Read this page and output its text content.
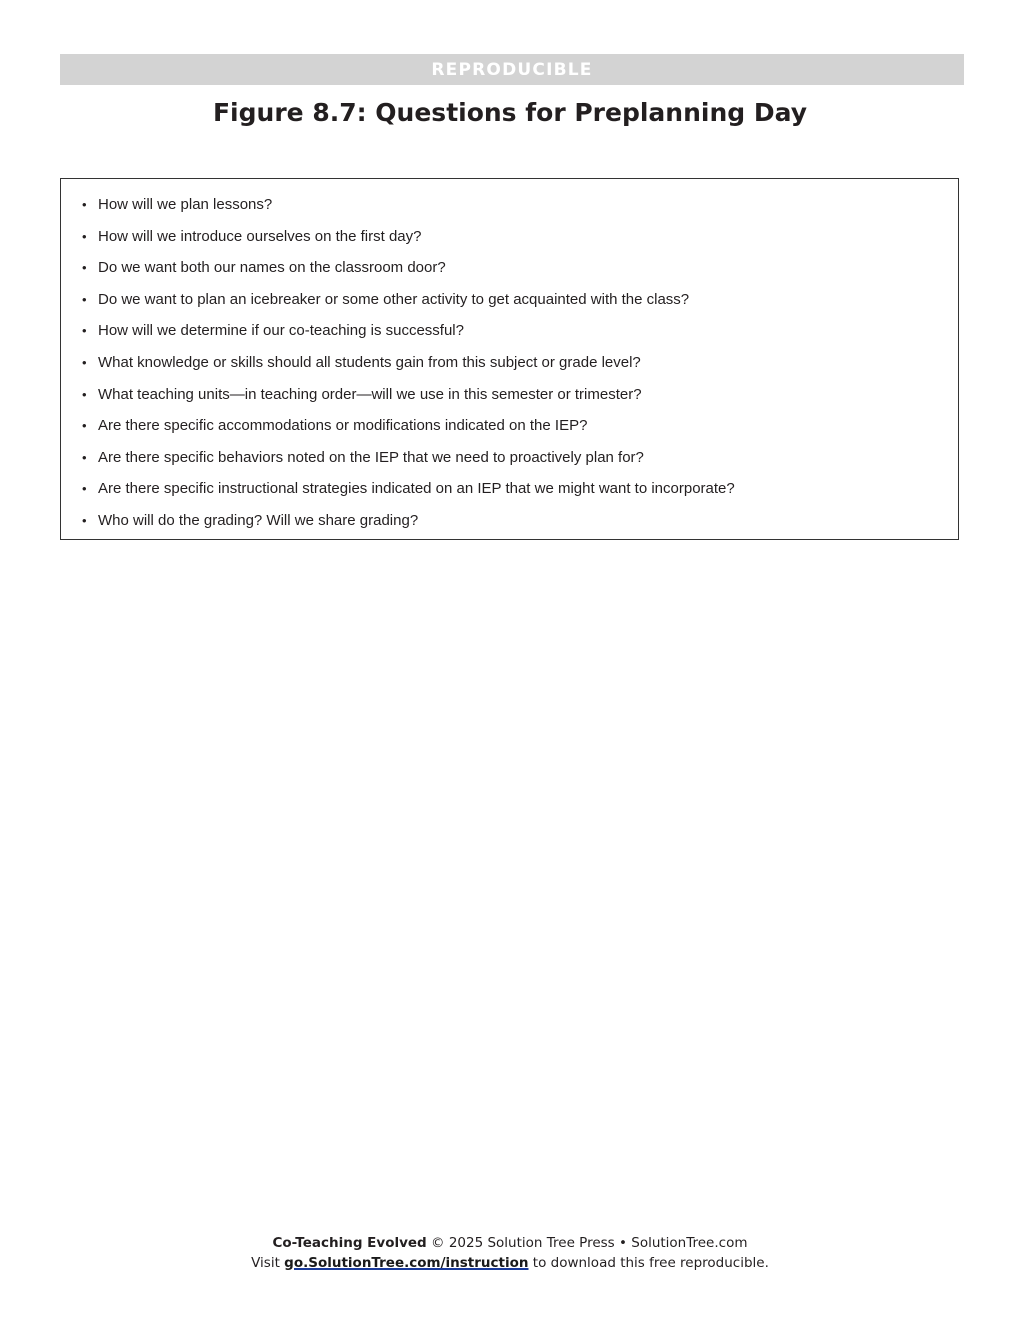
REPRODUCIBLE
Figure 8.7: Questions for Preplanning Day
• How will we plan lessons?
• How will we introduce ourselves on the first day?
• Do we want both our names on the classroom door?
• Do we want to plan an icebreaker or some other activity to get acquainted with the class?
• How will we determine if our co-teaching is successful?
• What knowledge or skills should all students gain from this subject or grade level?
• What teaching units—in teaching order—will we use in this semester or trimester?
• Are there specific accommodations or modifications indicated on the IEP?
• Are there specific behaviors noted on the IEP that we need to proactively plan for?
• Are there specific instructional strategies indicated on an IEP that we might want to incorporate?
• Who will do the grading? Will we share grading?
Co-Teaching Evolved © 2025 Solution Tree Press • SolutionTree.com
Visit go.SolutionTree.com/instruction to download this free reproducible.
